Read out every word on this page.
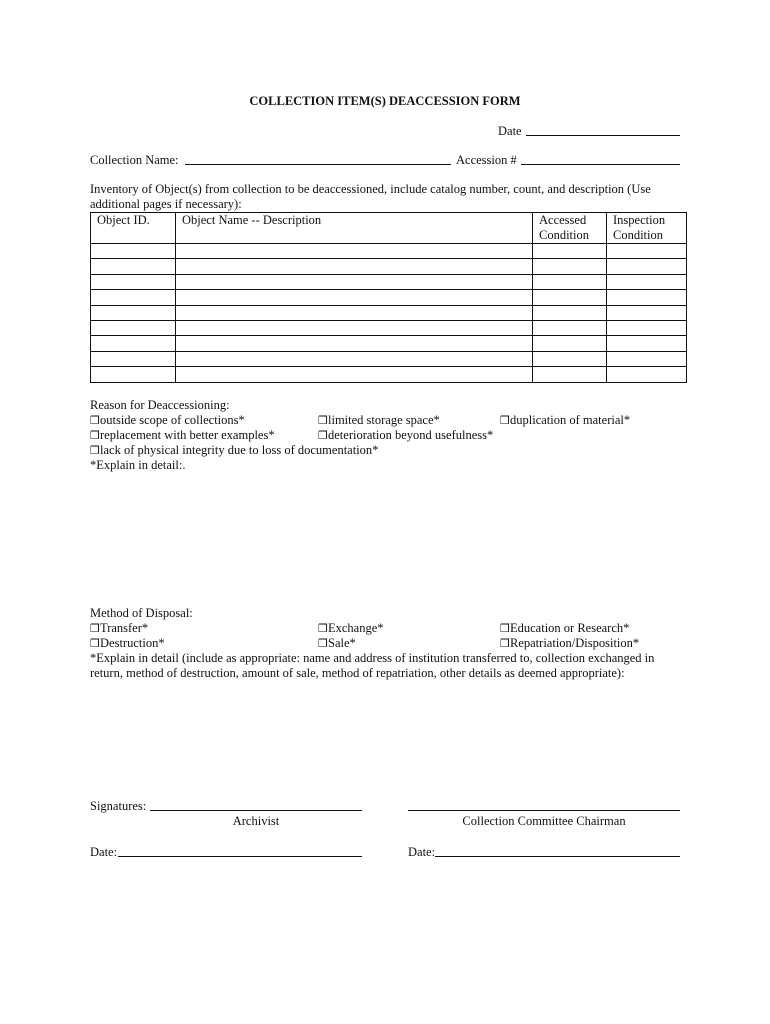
COLLECTION ITEM(S) DEACCESSION FORM
Date
Collection Name:	Accession #
Inventory of Object(s) from collection to be deaccessioned, include catalog number, count, and description (Use additional pages if necessary):
Object ID.	Object Name -- Description	Accessed Condition	Inspection Condition

Reason for Deaccessioning:
❒outside scope of collections*	❒limited storage space*	❒duplication of material*
❒replacement with better examples*	❒deterioration beyond usefulness*
❒lack of physical integrity due to loss of documentation*
*Explain in detail:.
Method of Disposal:
❒Transfer*	❒Exchange*	❒Education or Research*
❒Destruction*	❒Sale*	❒Repatriation/Disposition*
*Explain in detail (include as appropriate: name and address of institution transferred to, collection exchanged in return, method of destruction, amount of sale, method of repatriation, other details as deemed appropriate):
Signatures:
Archivist	Collection Committee Chairman
Date:	Date:
